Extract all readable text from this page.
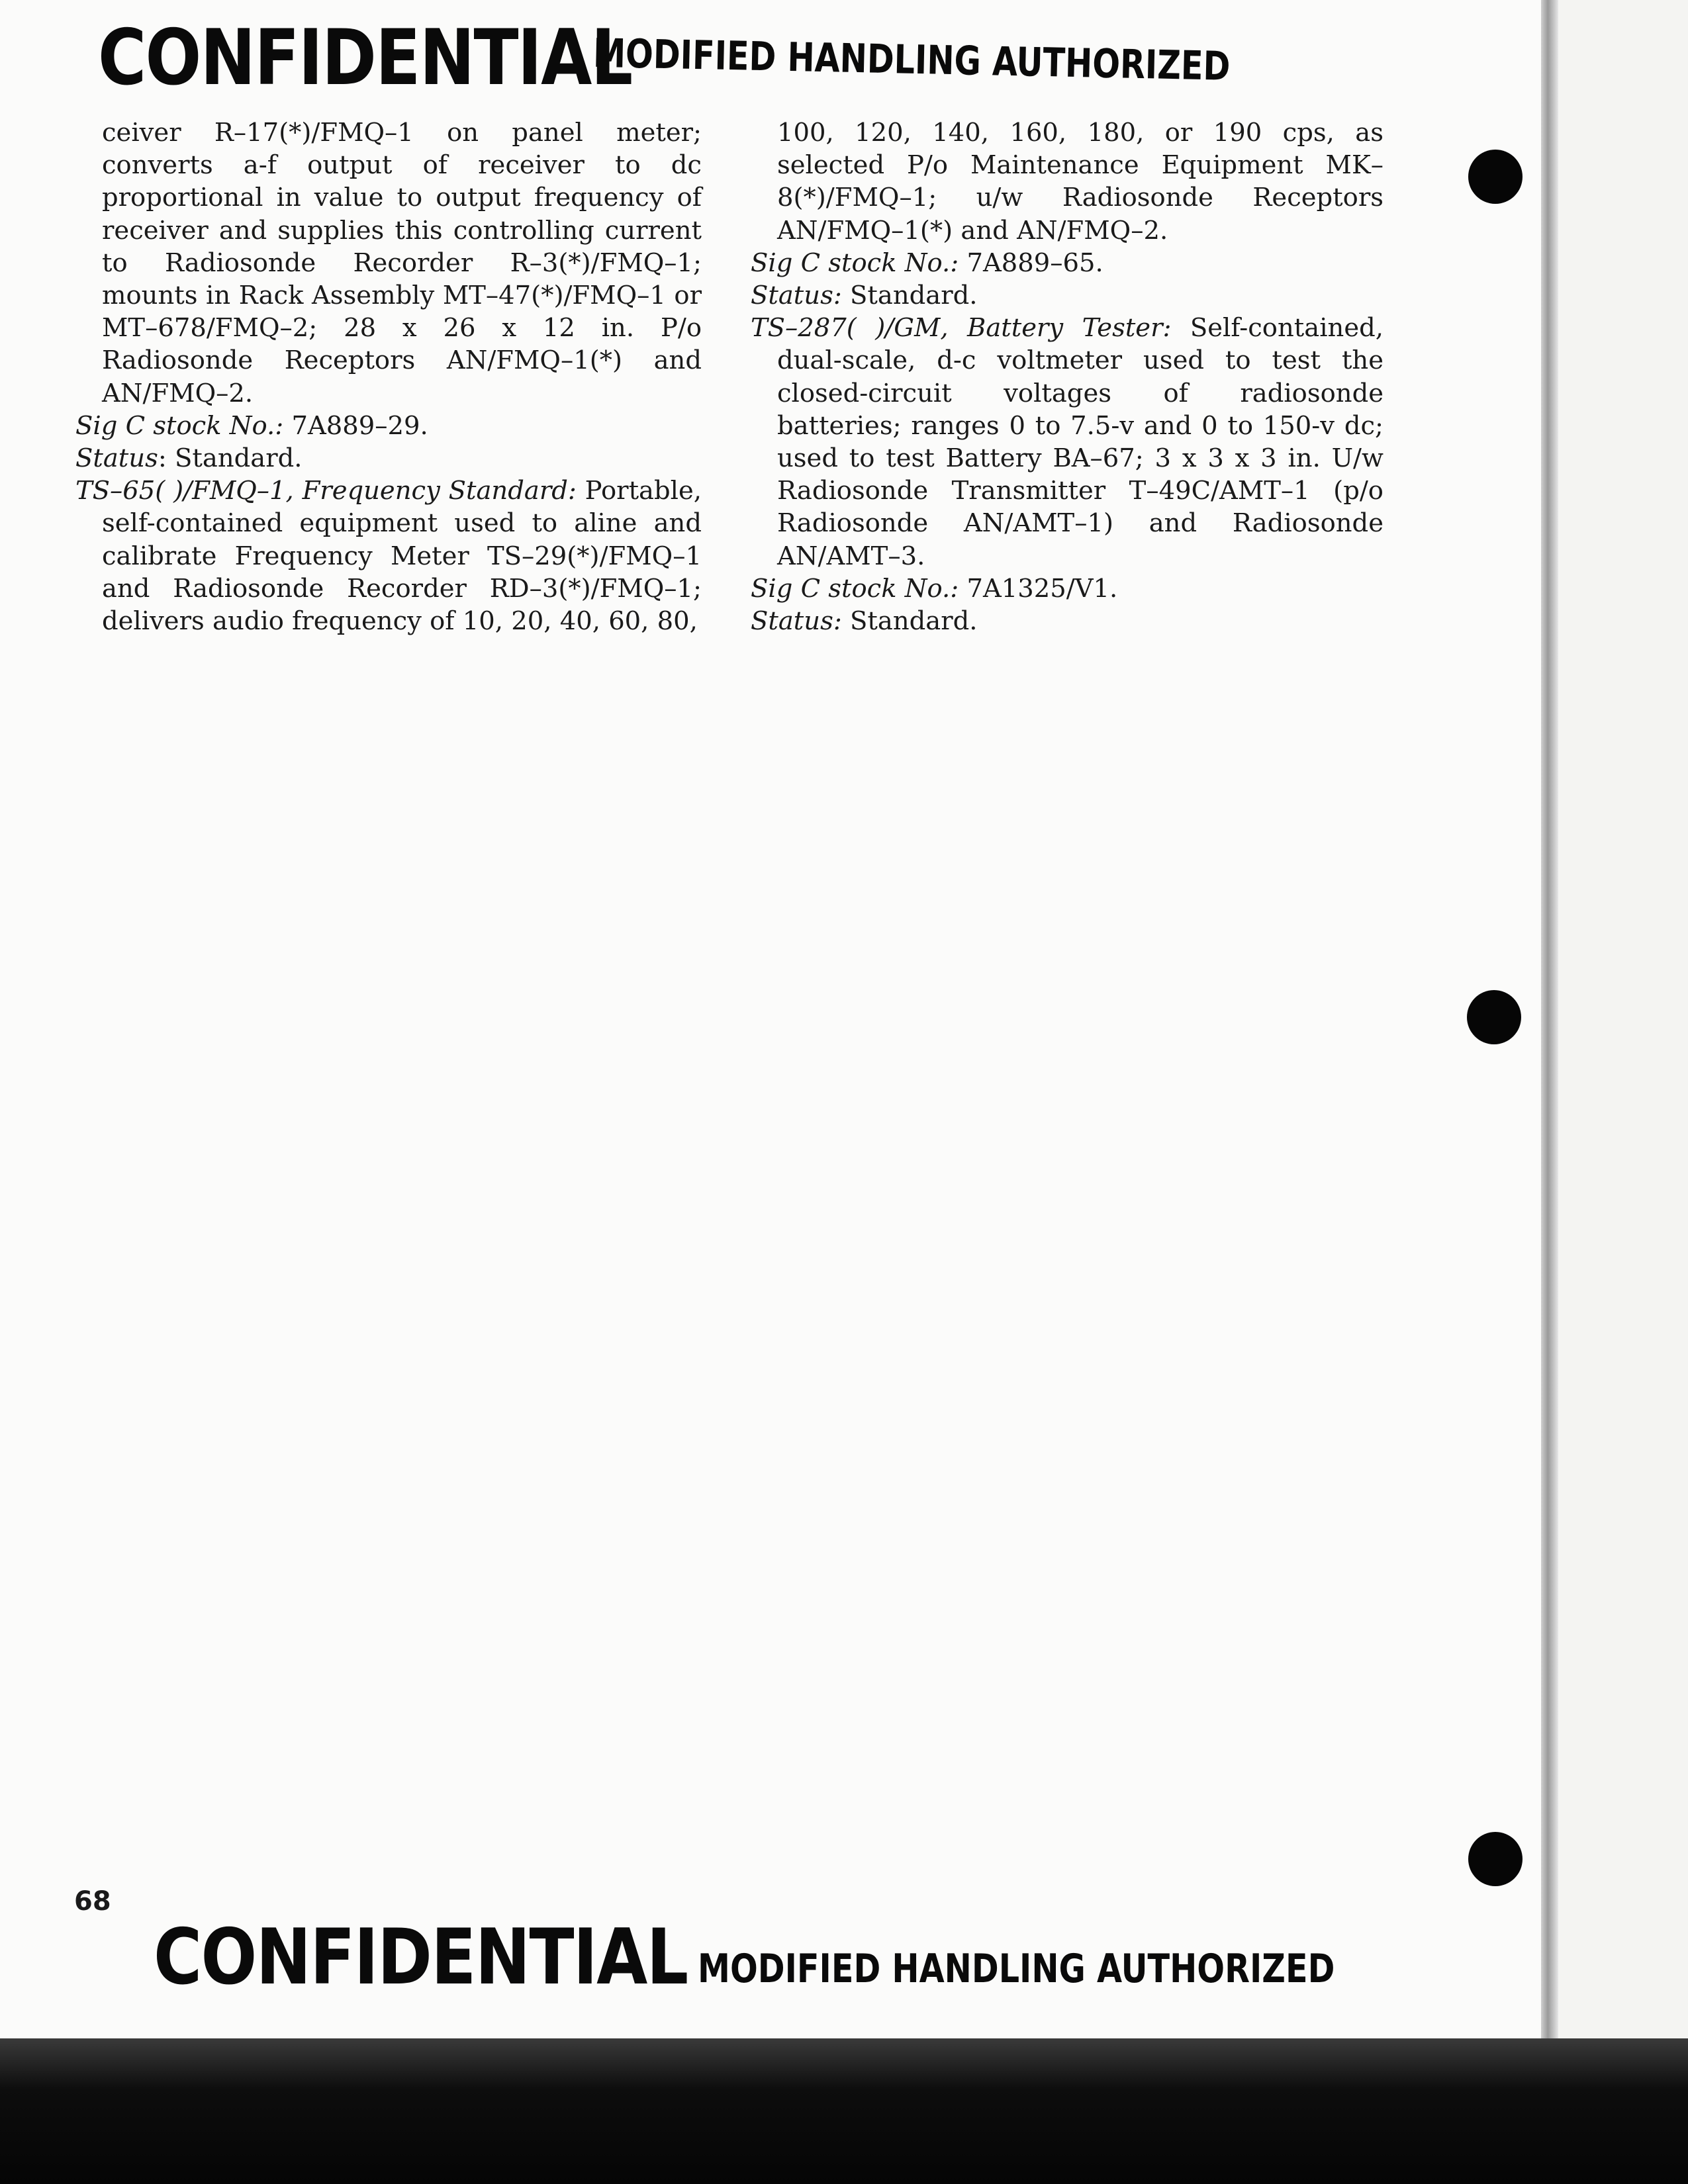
CONFIDENTIAL
MODIFIED HANDLING AUTHORIZED

ceiver R–17(*)/FMQ–1 on panel meter; converts a-f output of receiver to dc proportional in value to output frequency of receiver and supplies this controlling current to Radiosonde Recorder R–3(*)/FMQ–1; mounts in Rack Assembly MT–47(*)/FMQ–1 or MT–678/FMQ–2; 28 x 26 x 12 in. P/o Radiosonde Receptors AN/FMQ–1(*) and AN/FMQ–2.

Sig C stock No.: 7A889–29.

Status: Standard.

TS–65( )/FMQ–1, Frequency Standard: Portable, self-contained equipment used to aline and calibrate Frequency Meter TS–29(*)/FMQ–1 and Radiosonde Recorder RD–3(*)/FMQ–1; delivers audio frequency of 10, 20, 40, 60, 80,

100, 120, 140, 160, 180, or 190 cps, as selected P/o Maintenance Equipment MK–8(*)/FMQ–1; u/w Radiosonde Receptors AN/FMQ–1(*) and AN/FMQ–2.

Sig C stock No.: 7A889–65.

Status: Standard.

TS–287( )/GM, Battery Tester: Self-contained, dual-scale, d-c voltmeter used to test the closed-circuit voltages of radiosonde batteries; ranges 0 to 7.5-v and 0 to 150-v dc; used to test Battery BA–67; 3 x 3 x 3 in. U/w Radiosonde Transmitter T–49C/AMT–1 (p/o Radiosonde AN/AMT–1) and Radiosonde AN/AMT–3.

Sig C stock No.: 7A1325/V1.

Status: Standard.

68
CONFIDENTIAL MODIFIED HANDLING AUTHORIZED
